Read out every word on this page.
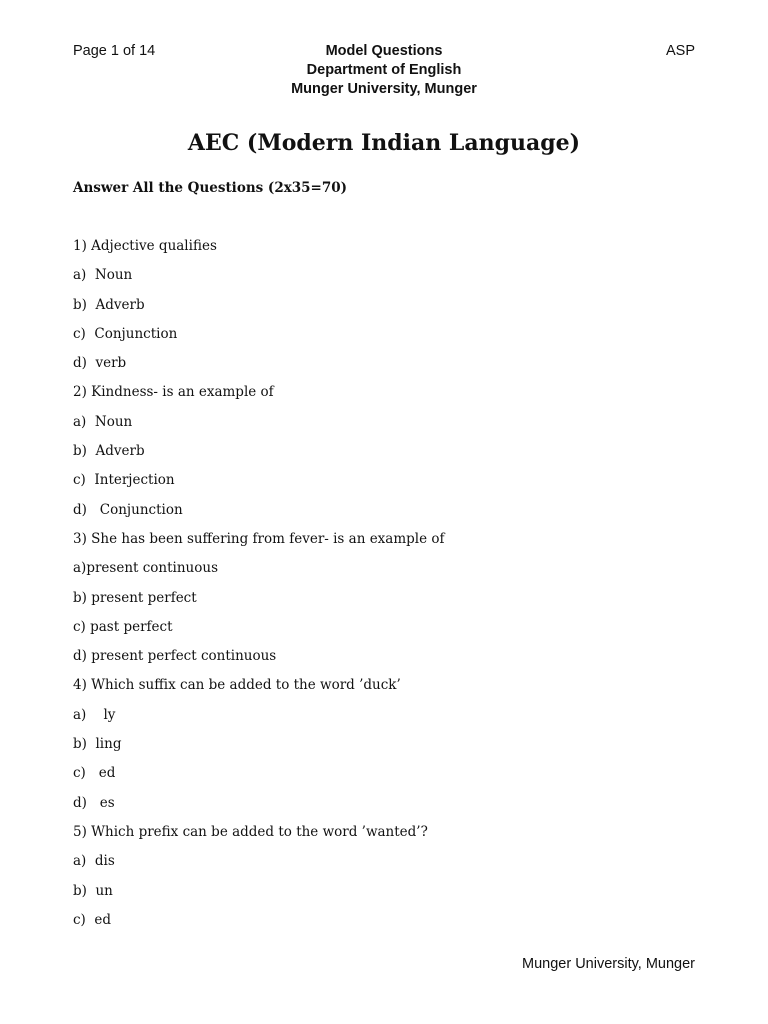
Page 1 of 14	ASP
Model Questions
Department of English
Munger University, Munger
AEC (Modern Indian Language)
Answer All the Questions (2x35=70)
1) Adjective qualifies
a)  Noun
b)  Adverb
c)  Conjunction
d)  verb
2) Kindness- is an example of
a)  Noun
b)  Adverb
c)  Interjection
d)   Conjunction
3) She has been suffering from fever- is an example of
a)present continuous
b) present perfect
c) past perfect
d) present perfect continuous
4) Which suffix can be added to the word ’duck’
a)    ly
b)  ling
c)   ed
d)   es
5) Which prefix can be added to the word ’wanted’?
a)  dis
b)  un
c)  ed
Munger University, Munger
